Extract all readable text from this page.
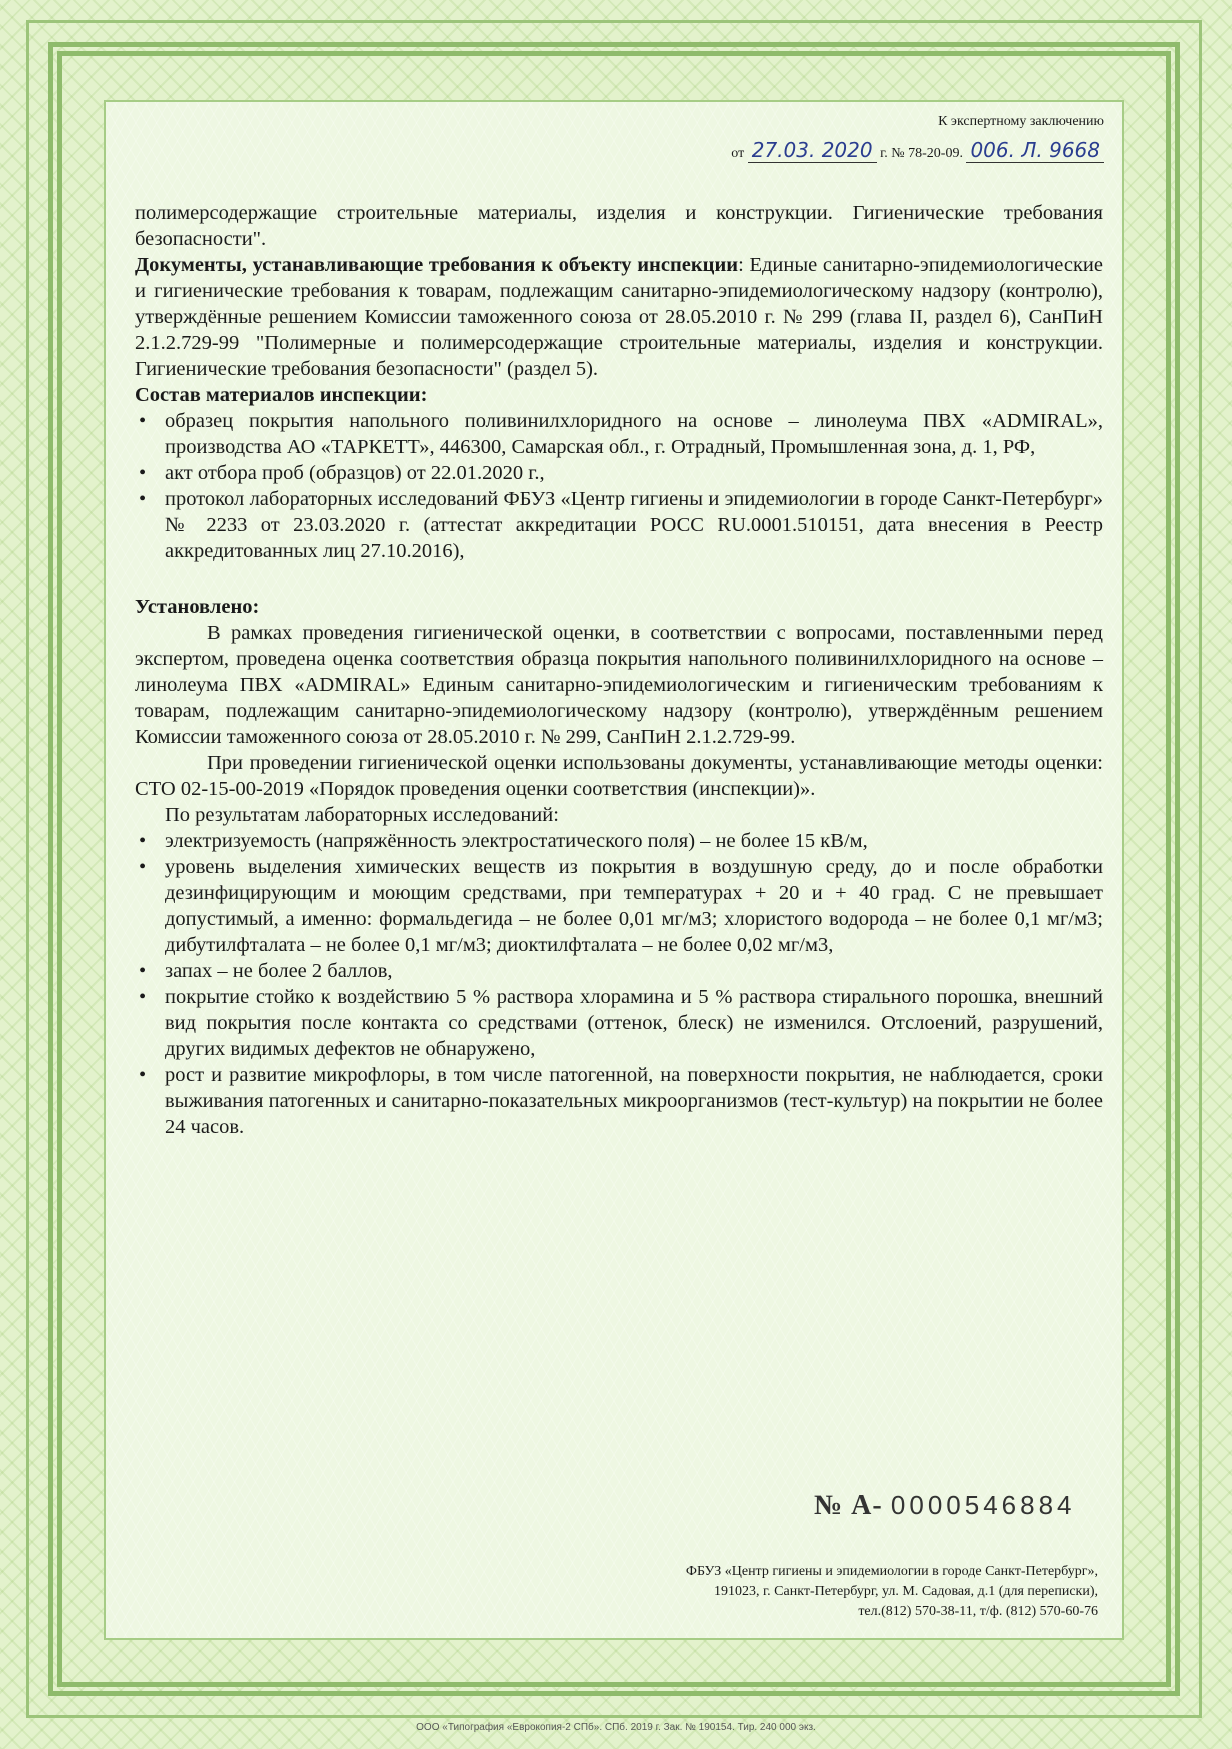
К экспертному заключению
от 27.03. 2020 г. № 78-20-09. 006. Л. 9668

полимерсодержащие строительные материалы, изделия и конструкции. Гигиенические требования безопасности".

Документы, устанавливающие требования к объекту инспекции: Единые санитарно-эпидемиологические и гигиенические требования к товарам, подлежащим санитарно-эпидемиологическому надзору (контролю), утверждённые решением Комиссии таможенного союза от 28.05.2010 г. № 299 (глава II, раздел 6), СанПиН 2.1.2.729-99 "Полимерные и полимерсодержащие строительные материалы, изделия и конструкции. Гигиенические требования безопасности" (раздел 5).

Состав материалов инспекции:

• образец покрытия напольного поливинилхлоридного на основе – линолеума ПВХ «ADMIRAL», производства АО «ТАРКЕТТ», 446300, Самарская обл., г. Отрадный, Промышленная зона, д. 1, РФ,
• акт отбора проб (образцов) от 22.01.2020 г.,
• протокол лабораторных исследований ФБУЗ «Центр гигиены и эпидемиологии в городе Санкт-Петербург» № 2233 от 23.03.2020 г. (аттестат аккредитации РОСС RU.0001.510151, дата внесения в Реестр аккредитованных лиц 27.10.2016),

Установлено:

В рамках проведения гигиенической оценки, в соответствии с вопросами, поставленными перед экспертом, проведена оценка соответствия образца покрытия напольного поливинилхлоридного на основе – линолеума ПВХ «ADMIRAL» Единым санитарно-эпидемиологическим и гигиеническим требованиям к товарам, подлежащим санитарно-эпидемиологическому надзору (контролю), утверждённым решением Комиссии таможенного союза от 28.05.2010 г. № 299, СанПиН 2.1.2.729-99.

При проведении гигиенической оценки использованы документы, устанавливающие методы оценки: СТО 02-15-00-2019 «Порядок проведения оценки соответствия (инспекции)».

По результатам лабораторных исследований:

• электризуемость (напряжённость электростатического поля) – не более 15 кВ/м,
• уровень выделения химических веществ из покрытия в воздушную среду, до и после обработки дезинфицирующим и моющим средствами, при температурах + 20 и + 40 град. С не превышает допустимый, а именно: формальдегида – не более 0,01 мг/м3; хлористого водорода – не более 0,1 мг/м3; дибутилфталата – не более 0,1 мг/м3; диоктилфталата – не более 0,02 мг/м3,
• запах – не более 2 баллов,
• покрытие стойко к воздействию 5 % раствора хлорамина и 5 % раствора стирального порошка, внешний вид покрытия после контакта со средствами (оттенок, блеск) не изменился. Отслоений, разрушений, других видимых дефектов не обнаружено,
• рост и развитие микрофлоры, в том числе патогенной, на поверхности покрытия, не наблюдается, сроки выживания патогенных и санитарно-показательных микроорганизмов (тест-культур) на покрытии не более 24 часов.
№ А- 0000546884
ФБУЗ «Центр гигиены и эпидемиологии в городе Санкт-Петербург»,
191023, г. Санкт-Петербург, ул. М. Садовая, д.1 (для переписки),
тел.(812) 570-38-11, т/ф. (812) 570-60-76
ООО «Типография «Еврокопия-2 СПб». СПб. 2019 г. Зак. № 190154. Тир. 240 000 экз.
